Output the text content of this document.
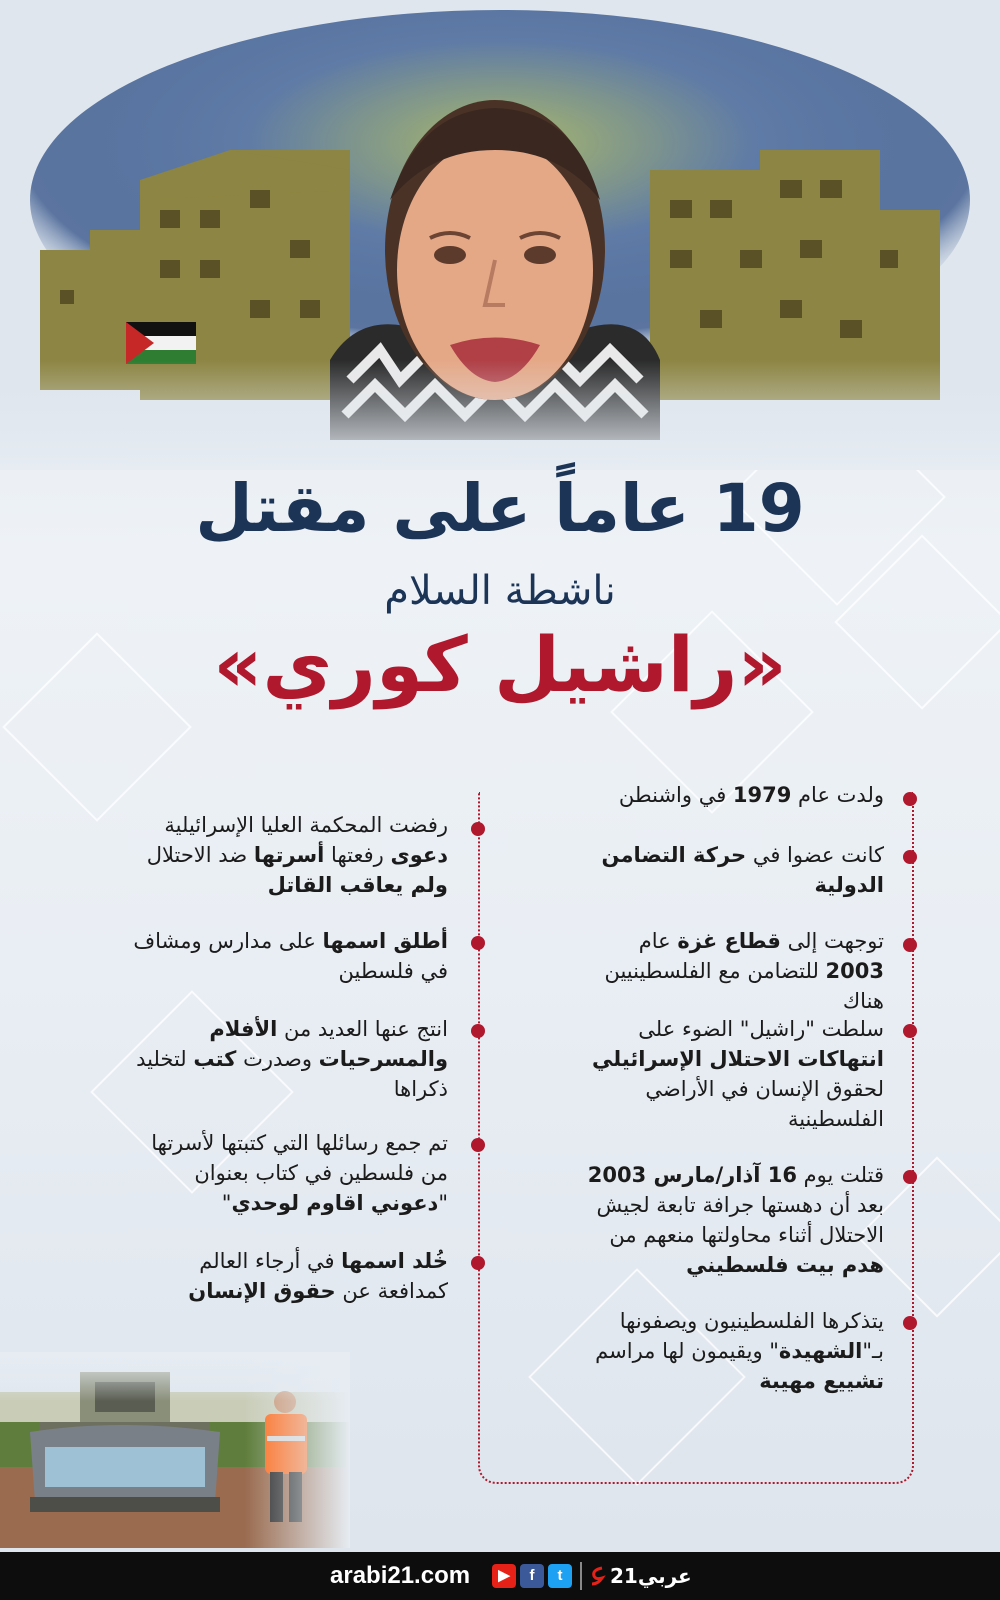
19 عاماً على مقتل
ناشطة السلام
«راشيل كوري»
ولدت عام 1979 في واشنطن
كانت عضوا في حركة التضامن الدولية
توجهت إلى قطاع غزة عام 2003 للتضامن مع الفلسطينيين هناك
سلطت "راشيل" الضوء على انتهاكات الاحتلال الإسرائيلي لحقوق الإنسان في الأراضي الفلسطينية
قتلت يوم 16 آذار/مارس 2003 بعد أن دهستها جرافة تابعة لجيش الاحتلال أثناء محاولتها منعهم من هدم بيت فلسطيني
يتذكرها الفلسطينيون ويصفونها بـ"الشهيدة" ويقيمون لها مراسم تشييع مهيبة
رفضت المحكمة العليا الإسرائيلية دعوى رفعتها أسرتها ضد الاحتلال ولم يعاقب القاتل
أطلق اسمها على مدارس ومشاف في فلسطين
انتج عنها العديد من الأفلام والمسرحيات وصدرت كتب لتخليد ذكراها
تم جمع رسائلها التي كتبتها لأسرتها من فلسطين في كتاب بعنوان "دعوني اقاوم لوحدي"
خُلد اسمها في أرجاء العالم كمدافعة عن حقوق الإنسان
arabi21.com	▶	f	t	عربي21
